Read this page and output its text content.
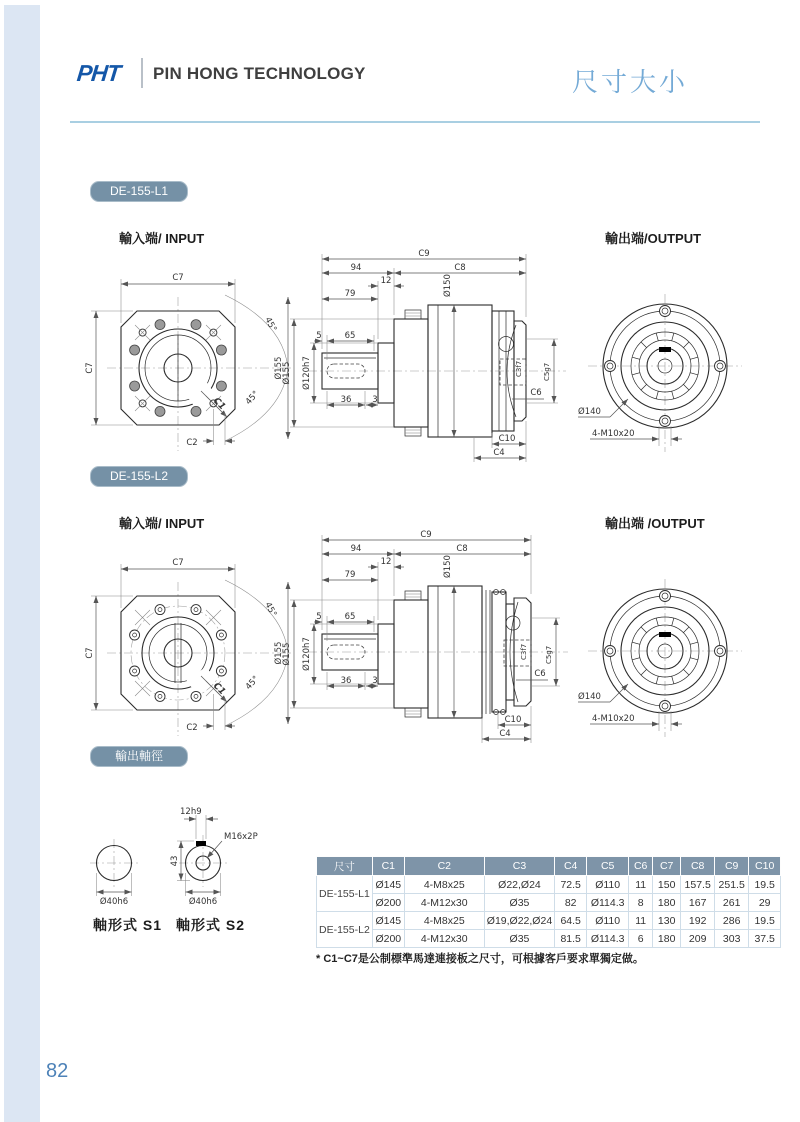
PHT PIN HONG TECHNOLOGY	尺寸大小
DE-155-L1
DE-155-L2
輸出軸徑
輸入端/ INPUT	輸出端/OUTPUT
輸入端/ INPUT	輸出端 /OUTPUT
C7
C7	Ø155
45°
45°
C1
C2
C9
94	C8
12
79	Ø150
Ø155 Ø120h7
5	65
36 3
C3f7	C5g7
C6
C10
C4
Ø140
4-M10x20
C7
C7	Ø155
45°
45°
C1
C2
C9
94	C8
12
79	Ø150
Ø155 Ø120h7
5	65
36 3
C3f7 C5g7
C6
C10
C4
Ø140
4-M10x20
Ø40h6
M16x2P
12h9
43
Ø40h6
軸形式 S1 軸形式 S2
尺寸	C1	C2	C3	C4	C5	C6	C7	C8	C9	C10
DE-155-L1	Ø145	4-M8x25	Ø22,Ø24	72.5	Ø110	11	150	157.5	251.5	19.5
	Ø200	4-M12x30	Ø35	82	Ø114.3	8	180	167	261	29
DE-155-L2	Ø145	4-M8x25	Ø19,Ø22,Ø24	64.5	Ø110	11	130	192	286	19.5
	Ø200	4-M12x30	Ø35	81.5	Ø114.3	6	180	209	303	37.5
* C1~C7是公制標準馬達連接板之尺寸，可根據客戶要求單獨定做。
82
